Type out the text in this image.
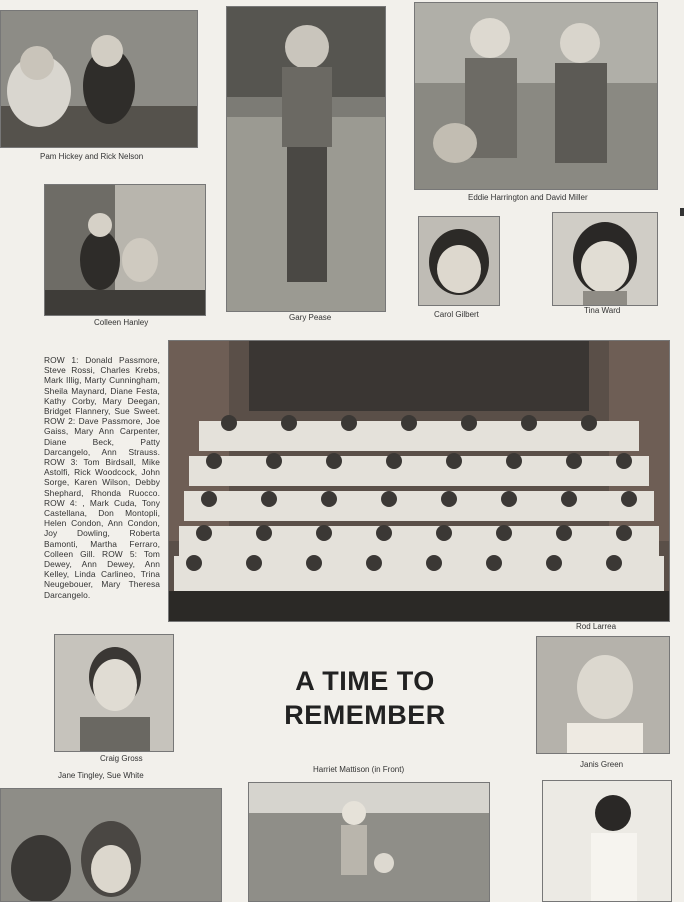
Pam Hickey and Rick Nelson
Colleen Hanley
Gary Pease
Eddie Harrington and David Miller
Carol Gilbert	Tina Ward
ROW 1: Donald Passmore, Steve Rossi, Charles Krebs, Mark Illig, Marty Cunningham, Sheila Maynard, Diane Festa, Kathy Corby, Mary Deegan, Bridget Flannery, Sue Sweet. ROW 2: Dave Passmore, Joe Gaiss, Mary Ann Carpenter, Diane Beck, Patty Darcangelo, Ann Strauss. ROW 3: Tom Birdsall, Mike Astolfi, Rick Woodcock, John Sorge, Karen Wilson, Debby Shephard, Rhonda Ruocco. ROW 4: , Mark Cuda, Tony Castellana, Don Montopli, Helen Condon, Ann Condon, Joy Dowling, Roberta Bamonti, Martha Ferraro, Colleen Gill. ROW 5: Tom Dewey, Ann Dewey, Ann Kelley, Linda Carlineo, Trina Neugebouer, Mary Theresa Darcangelo.
Rod Larrea
Craig Gross
Jane Tingley, Sue White
A TIME TO
REMEMBER
Harriet Mattison (in Front)
Janis Green
